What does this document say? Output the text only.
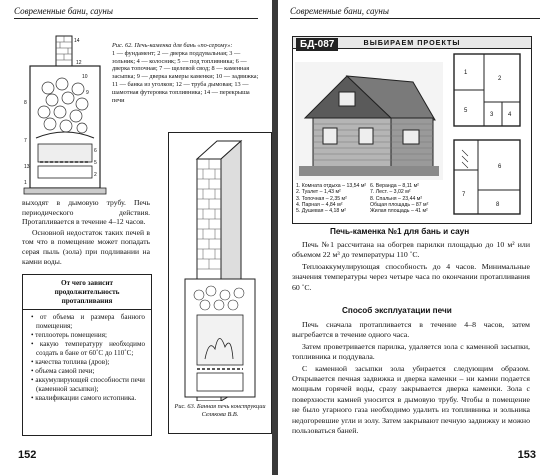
Современные бани, сауны
14
12
10
9
8
7
6
5
13
2
1
Рис. 62. Печь-каменка для бань «по-серому»:
1 — фундамент; 2 — дверка поддувальная; 3 — зольник; 4 — колосник; 5 — под топливника; 6 — дверка топочная; 7 — щелевой свод; 8 — каменная засыпка; 9 — дверка камеры каменки; 10 — задвижка; 11 — банка из уголков; 12 — труба дымовая; 13 — шамотная футеровка топливника; 14 — перекрыша печи

выходят в дымовую трубу. Печь периодического действия. Протапливается в течение 4–12 часов.

Основной недостаток таких печей в том что в помещение может попадать серая пыль (зола) при подливании на камни воды.

От чего зависит продолжительность протапливания
• от объема и размера банного помещения;
• теплоотерь помещения;
• какую температуру необходимо создать в бане от 60˚С до 110˚С;
• качества топлива (дров);
• объема самой печи;
• аккумулирующей способности печи (каменной засыпки);
• квалификации самого истопника.
Рис. 63. Банная печь конструкции Селякова В.В.
152
Современные бани, сауны
153
ВЫБИРАЕМ ПРОЕКТЫ
БД-087
1. Комната отдыха – 13,54 м² 6. Веранда – 8,11 м²
2. Туалет – 1,43 м²	7. Лест. – 3,02 м²
3. Топочная – 2,35 м²	8. Спальня – 23,44 м²
4. Парная – 4,84 м²	Общая площадь – 87 м²
5. Душевая – 4,18 м²	Жилая площадь – 41 м²
1
2
3 4
5
6
7
8
Печь-каменка №1 для бань и саун

Печь №1 рассчитана на обогрев парилки площадью до 10 м² или объемом 22 м³ до температуры 110 ˚С.

Теплоаккумулирующая способность до 4 часов. Минимальные значения температуры через четыре часа по окончании протапливания 60 ˚С.

Способ эксплуатации печи

Печь сначала протапливается в течение 4–8 часов, затем выгребается в течение одного часа.

Затем проветривается парилка, удаляется зола с каменной засыпки, топливника и поддувала.

С каменной засыпки зола убирается следующим образом. Открывается печная задвижка и дверка каменки – ни камни подается мощным горячей воды, сразу закрывается дверка каменки. Зола с поверхности камней уносится в дымовую трубу. Чтобы в помещение не было угарного газа необходимо удалить из топливника и зольника недогоревшие угли и золу. Затем закрывают печную задвижку и можно пользоваться баней.
